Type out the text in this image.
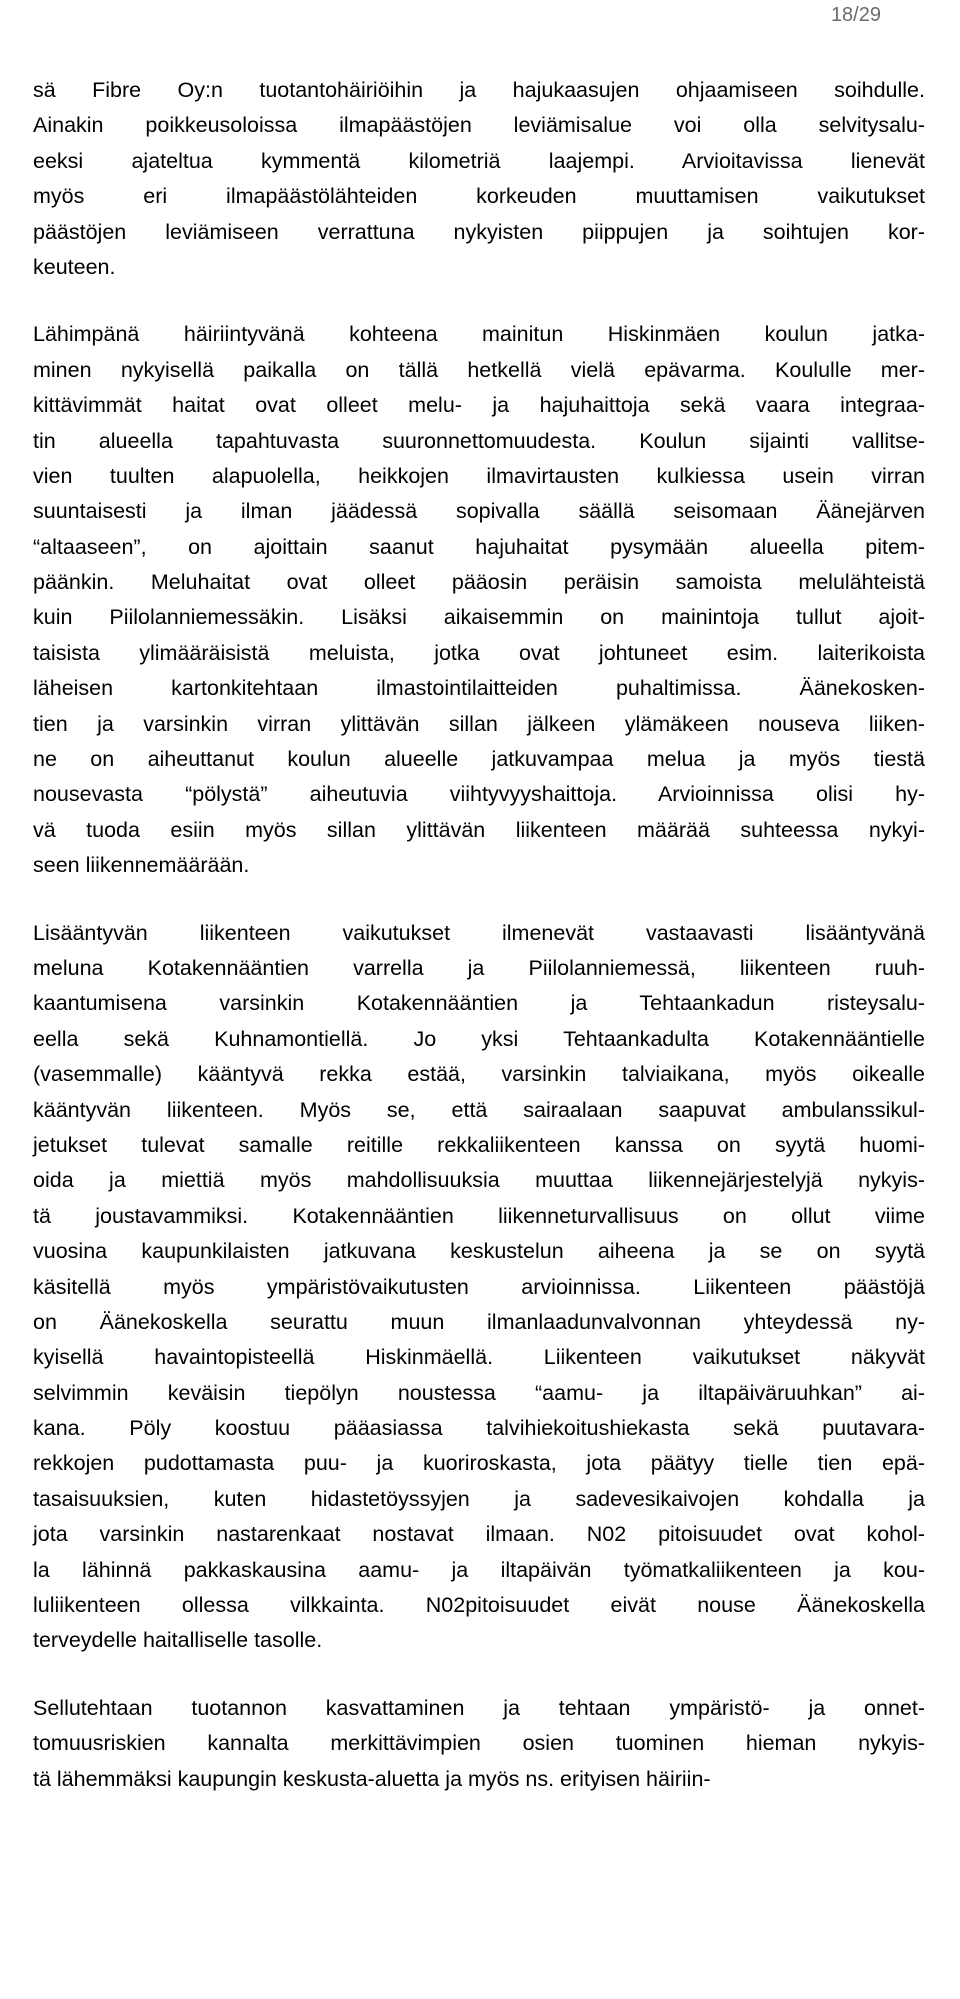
18/29

sä Fibre Oy:n tuotantohäiriöihin ja hajukaasujen ohjaamiseen soihdulle.
Ainakin poikkeusoloissa ilmapäästöjen leviämisalue voi olla selvitysalu-
eeksi ajateltua kymmentä kilometriä laajempi. Arvioitavissa lienevät
myös eri ilmapäästölähteiden korkeuden muuttamisen vaikutukset
päästöjen leviämiseen verrattuna nykyisten piippujen ja soihtujen kor-
keuteen.

Lähimpänä häiriintyvänä kohteena mainitun Hiskinmäen koulun jatka-
minen nykyisellä paikalla on tällä hetkellä vielä epävarma. Koululle mer-
kittävimmät haitat ovat olleet melu- ja hajuhaittoja sekä vaara integraa-
tin alueella tapahtuvasta suuronnettomuudesta. Koulun sijainti vallitse-
vien tuulten alapuolella, heikkojen ilmavirtausten kulkiessa usein virran
suuntaisesti ja ilman jäädessä sopivalla säällä seisomaan Äänejärven
“altaaseen”, on ajoittain saanut hajuhaitat pysymään alueella pitem-
päänkin. Meluhaitat ovat olleet pääosin peräisin samoista melulähteistä
kuin Piilolanniemessäkin. Lisäksi aikaisemmin on mainintoja tullut ajoit-
taisista ylimääräisistä meluista, jotka ovat johtuneet esim. laiterikoista
läheisen kartonkitehtaan ilmastointilaitteiden puhaltimissa. Äänekosken-
tien ja varsinkin virran ylittävän sillan jälkeen ylämäkeen nouseva liiken-
ne on aiheuttanut koulun alueelle jatkuvampaa melua ja myös tiestä
nousevasta “pölystä” aiheutuvia viihtyvyyshaittoja. Arvioinnissa olisi hy-
vä tuoda esiin myös sillan ylittävän liikenteen määrää suhteessa nykyi-
seen liikennemäärään.

Lisääntyvän liikenteen vaikutukset ilmenevät vastaavasti lisääntyvänä
meluna Kotakennääntien varrella ja Piilolanniemessä, liikenteen ruuh-
kaantumisena varsinkin Kotakennääntien ja Tehtaankadun risteysalu-
eella sekä Kuhnamontiellä. Jo yksi Tehtaankadulta Kotakennääntielle
(vasemmalle) kääntyvä rekka estää, varsinkin talviaikana, myös oikealle
kääntyvän liikenteen. Myös se, että sairaalaan saapuvat ambulanssikul-
jetukset tulevat samalle reitille rekkaliikenteen kanssa on syytä huomi-
oida ja miettiä myös mahdollisuuksia muuttaa liikennejärjestelyjä nykyis-
tä joustavammiksi. Kotakennääntien liikenneturvallisuus on ollut viime
vuosina kaupunkilaisten jatkuvana keskustelun aiheena ja se on syytä
käsitellä myös ympäristövaikutusten arvioinnissa. Liikenteen päästöjä
on Äänekoskella seurattu muun ilmanlaadunvalvonnan yhteydessä ny-
kyisellä havaintopisteellä Hiskinmäellä. Liikenteen vaikutukset näkyvät
selvimmin keväisin tiepölyn noustessa “aamu- ja iltapäiväruuhkan” ai-
kana. Pöly koostuu pääasiassa talvihiekoitushiekasta sekä puutavara-
rekkojen pudottamasta puu- ja kuoriroskasta, jota päätyy tielle tien epä-
tasaisuuksien, kuten hidastetöyssyjen ja sadevesikaivojen kohdalla ja
jota varsinkin nastarenkaat nostavat ilmaan. N02 pitoisuudet ovat kohol-
la lähinnä pakkaskausina aamu- ja iltapäivän työmatkaliikenteen ja kou-
luliikenteen ollessa vilkkainta. N02pitoisuudet eivät nouse Äänekoskella
terveydelle haitalliselle tasolle.

Sellutehtaan tuotannon kasvattaminen ja tehtaan ympäristö- ja onnet-
tomuusriskien kannalta merkittävimpien osien tuominen hieman nykyis-
tä lähemmäksi kaupungin keskusta-aluetta ja myös ns. erityisen häiriin-
